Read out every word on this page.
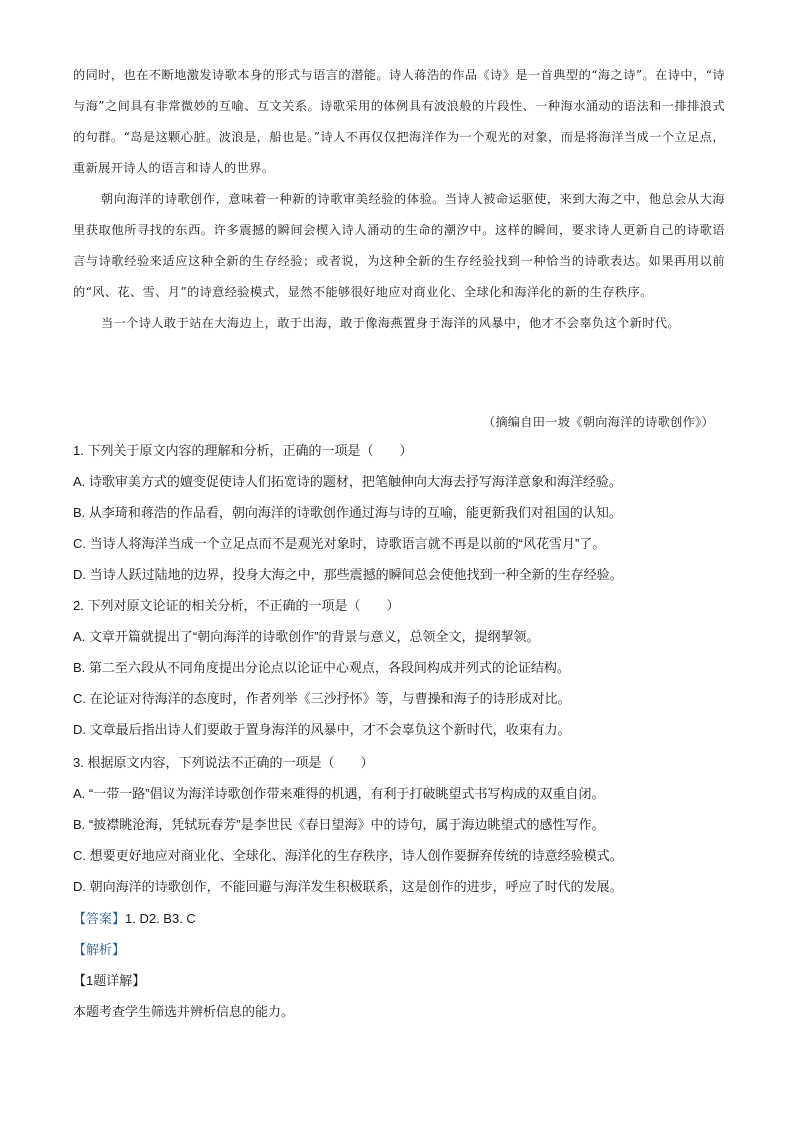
的同时，也在不断地激发诗歌本身的形式与语言的潜能。诗人蒋浩的作品《诗》是一首典型的“海之诗”。在诗中，“诗与海”之间具有非常微妙的互喻、互文关系。诗歌采用的体例具有波浪般的片段性、一种海水涌动的语法和一排排浪式的句群。“岛是这颗心脏。波浪是，船也是。”诗人不再仅仅把海洋作为一个观光的对象，而是将海洋当成一个立足点，重新展开诗人的语言和诗人的世界。

朝向海洋的诗歌创作，意味着一种新的诗歌审美经验的体验。当诗人被命运驱使，来到大海之中，他总会从大海里获取他所寻找的东西。许多震撼的瞬间会楔入诗人涌动的生命的潮汐中。这样的瞬间，要求诗人更新自己的诗歌语言与诗歌经验来适应这种全新的生存经验；或者说，为这种全新的生存经验找到一种恰当的诗歌表达。如果再用以前的“风、花、雪、月”的诗意经验模式，显然不能够很好地应对商业化、全球化和海洋化的新的生存秩序。

当一个诗人敢于站在大海边上，敢于出海，敢于像海燕置身于海洋的风暴中，他才不会辜负这个新时代。

（摘编自田一坡《朝向海洋的诗歌创作》）
1. 下列关于原文内容的理解和分析，正确的一项是（　　）
A. 诗歌审美方式的嬗变促使诗人们拓宽诗的题材，把笔触伸向大海去抒写海洋意象和海洋经验。
B. 从李琦和蒋浩的作品看，朝向海洋的诗歌创作通过海与诗的互喻，能更新我们对祖国的认知。
C. 当诗人将海洋当成一个立足点而不是观光对象时，诗歌语言就不再是以前的“风花雪月”了。
D. 当诗人跃过陆地的边界，投身大海之中，那些震撼的瞬间总会使他找到一种全新的生存经验。
2. 下列对原文论证的相关分析，不正确的一项是（　　）
A. 文章开篇就提出了“朝向海洋的诗歌创作”的背景与意义，总领全文，提纲挈领。
B. 第二至六段从不同角度提出分论点以论证中心观点，各段间构成并列式的论证结构。
C. 在论证对待海洋的态度时，作者列举《三沙抒怀》等，与曹操和海子的诗形成对比。
D. 文章最后指出诗人们要敢于置身海洋的风暴中，才不会辜负这个新时代，收束有力。
3. 根据原文内容，下列说法不正确的一项是（　　）
A. “一带一路”倡议为海洋诗歌创作带来难得的机遇，有利于打破眺望式书写构成的双重自闭。
B. “披襟眺沧海，凭轼玩春芳”是李世民《春日望海》中的诗句，属于海边眺望式的感性写作。
C. 想要更好地应对商业化、全球化、海洋化的生存秩序，诗人创作要摒弃传统的诗意经验模式。
D. 朝向海洋的诗歌创作，不能回避与海洋发生积极联系，这是创作的进步，呼应了时代的发展。
【答案】1. D2. B3. C
【解析】
【1题详解】
本题考查学生筛选并辨析信息的能力。
